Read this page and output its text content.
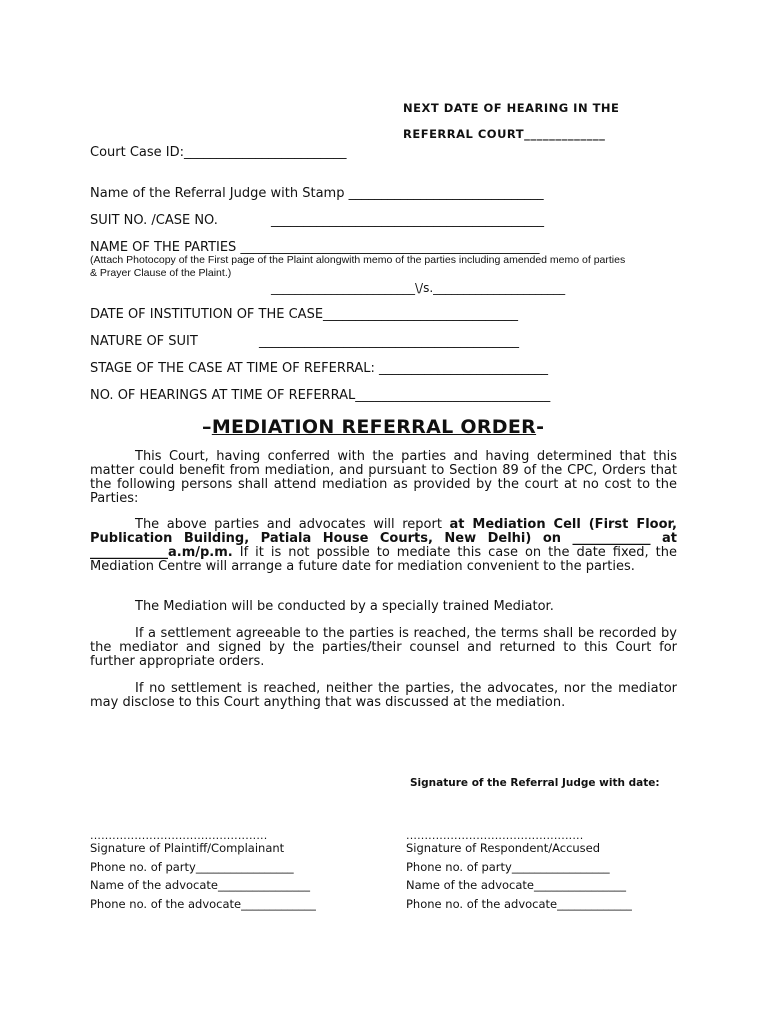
NEXT DATE OF HEARING IN THE
REFERRAL COURT_____________
Court Case ID:_________________________
Name of the Referral Judge with Stamp ______________________________
SUIT NO. /CASE NO.	__________________________________________
NAME OF THE PARTIES ______________________________________________
(Attach Photocopy of the First page of the Plaint alongwith memo of the parties including amended memo of parties
& Prayer Clause of the Plaint.)
________________________\/s.______________________
DATE OF INSTITUTION OF THE CASE______________________________
NATURE OF SUIT	________________________________________
STAGE OF THE CASE AT TIME OF REFERRAL: __________________________
NO. OF HEARINGS AT TIME OF REFERRAL______________________________
–MEDIATION REFERRAL ORDER-
This Court, having conferred with the parties and having determined that this matter could benefit from mediation, and pursuant to Section 89 of the CPC, Orders that the following persons shall attend mediation as provided by the court at no cost to the Parties:
The above parties and advocates will report at Mediation Cell (First Floor, Publication Building, Patiala House Courts, New Delhi) on ____________ at ____________a.m/p.m. If it is not possible to mediate this case on the date fixed, the Mediation Centre will arrange a future date for mediation convenient to the parties.
The Mediation will be conducted by a specially trained Mediator.
If a settlement agreeable to the parties is reached, the terms shall be recorded by the mediator and signed by the parties/their counsel and returned to this Court for further appropriate orders.
If no settlement is reached, neither the parties, the advocates, nor the mediator may disclose to this Court anything that was discussed at the mediation.
Signature of the Referral Judge with date:
................................................
Signature of Plaintiff/Complainant
Phone no. of party_________________
Name of the advocate________________
Phone no. of the advocate_____________
................................................
Signature of Respondent/Accused
Phone no. of party_________________
Name of the advocate________________
Phone no. of the advocate_____________
